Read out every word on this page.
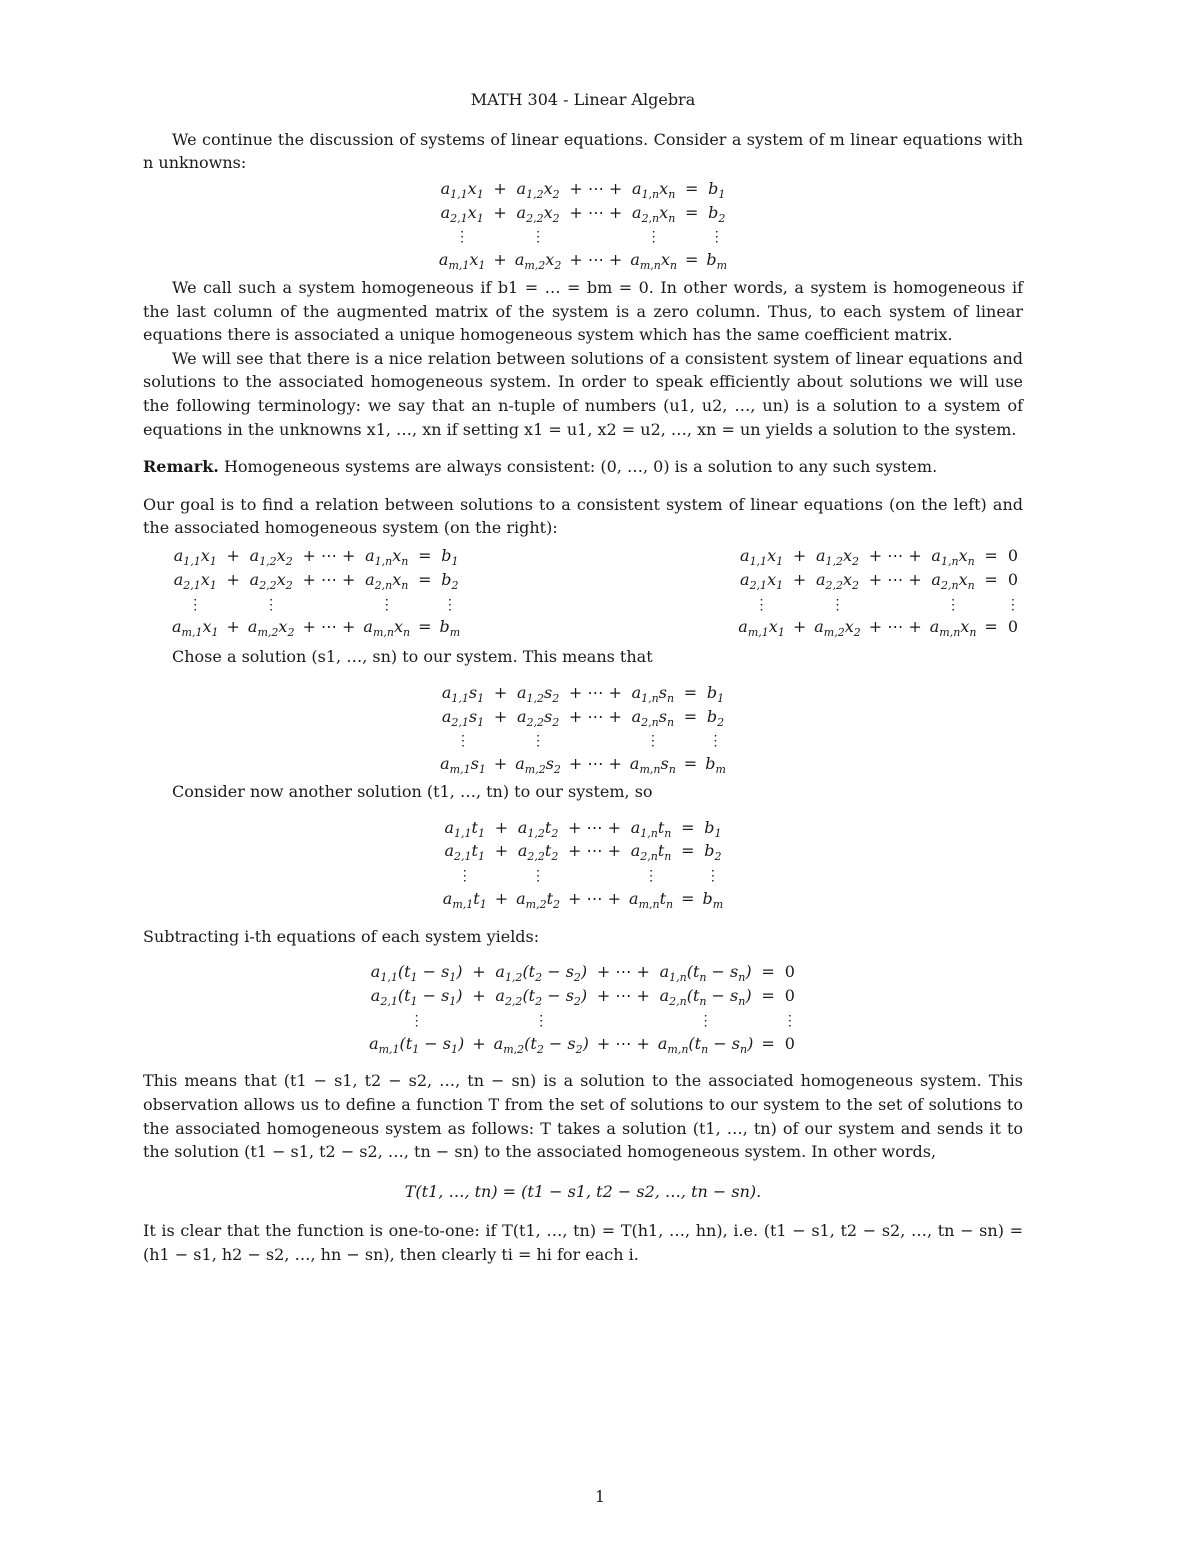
MATH 304 - Linear Algebra

We continue the discussion of systems of linear equations. Consider a system of m linear equations with n unknowns:

$a_{1,1}x_1$	+	$a_{1,2}x_2$	+ ⋯ +	$a_{1,n}x_n$	=	$b_1$
$a_{2,1}x_1$	+	$a_{2,2}x_2$	+ ⋯ +	$a_{2,n}x_n$	=	$b_2$
⋮		⋮		⋮		⋮
$a_{m,1}x_1$	+	$a_{m,2}x_2$	+ ⋯ +	$a_{m,n}x_n$	=	$b_m$

We call such a system homogeneous if b1 = … = bm = 0. In other words, a system is homogeneous if the last column of the augmented matrix of the system is a zero column. Thus, to each system of linear equations there is associated a unique homogeneous system which has the same coefficient matrix.

We will see that there is a nice relation between solutions of a consistent system of linear equations and solutions to the associated homogeneous system. In order to speak efficiently about solutions we will use the following terminology: we say that an n-tuple of numbers (u1, u2, …, un) is a solution to a system of equations in the unknowns x1, …, xn if setting x1 = u1, x2 = u2, …, xn = un yields a solution to the system.

Remark. Homogeneous systems are always consistent: (0, …, 0) is a solution to any such system.

Our goal is to find a relation between solutions to a consistent system of linear equations (on the left) and the associated homogeneous system (on the right):

$a_{1,1}x_1$	+	$a_{1,2}x_2$	+ ⋯ +	$a_{1,n}x_n$	=	$b_1$
$a_{2,1}x_1$	+	$a_{2,2}x_2$	+ ⋯ +	$a_{2,n}x_n$	=	$b_2$
⋮		⋮		⋮		⋮
$a_{m,1}x_1$	+	$a_{m,2}x_2$	+ ⋯ +	$a_{m,n}x_n$	=	$b_m$
$a_{1,1}x_1$	+	$a_{1,2}x_2$	+ ⋯ +	$a_{1,n}x_n$	=	0
$a_{2,1}x_1$	+	$a_{2,2}x_2$	+ ⋯ +	$a_{2,n}x_n$	=	0
⋮		⋮		⋮		⋮
$a_{m,1}x_1$	+	$a_{m,2}x_2$	+ ⋯ +	$a_{m,n}x_n$	=	0

Chose a solution (s1, …, sn) to our system. This means that

$a_{1,1}s_1$	+	$a_{1,2}s_2$	+ ⋯ +	$a_{1,n}s_n$	=	$b_1$
$a_{2,1}s_1$	+	$a_{2,2}s_2$	+ ⋯ +	$a_{2,n}s_n$	=	$b_2$
⋮		⋮		⋮		⋮
$a_{m,1}s_1$	+	$a_{m,2}s_2$	+ ⋯ +	$a_{m,n}s_n$	=	$b_m$

Consider now another solution (t1, …, tn) to our system, so

$a_{1,1}t_1$	+	$a_{1,2}t_2$	+ ⋯ +	$a_{1,n}t_n$	=	$b_1$
$a_{2,1}t_1$	+	$a_{2,2}t_2$	+ ⋯ +	$a_{2,n}t_n$	=	$b_2$
⋮		⋮		⋮		⋮
$a_{m,1}t_1$	+	$a_{m,2}t_2$	+ ⋯ +	$a_{m,n}t_n$	=	$b_m$

Subtracting i-th equations of each system yields:

$a_{1,1}(t_1 - s_1)$	+	$a_{1,2}(t_2 - s_2)$	+ ⋯ +	$a_{1,n}(t_n - s_n)$	=	0
$a_{2,1}(t_1 - s_1)$	+	$a_{2,2}(t_2 - s_2)$	+ ⋯ +	$a_{2,n}(t_n - s_n)$	=	0
⋮		⋮		⋮		⋮
$a_{m,1}(t_1 - s_1)$	+	$a_{m,2}(t_2 - s_2)$	+ ⋯ +	$a_{m,n}(t_n - s_n)$	=	0

This means that (t1 − s1, t2 − s2, …, tn − sn) is a solution to the associated homogeneous system. This observation allows us to define a function T from the set of solutions to our system to the set of solutions to the associated homogeneous system as follows: T takes a solution (t1, …, tn) of our system and sends it to the solution (t1 − s1, t2 − s2, …, tn − sn) to the associated homogeneous system. In other words,

T(t1, …, tn) = (t1 − s1, t2 − s2, …, tn − sn).

It is clear that the function is one-to-one: if T(t1, …, tn) = T(h1, …, hn), i.e. (t1 − s1, t2 − s2, …, tn − sn) = (h1 − s1, h2 − s2, …, hn − sn), then clearly ti = hi for each i.

1
